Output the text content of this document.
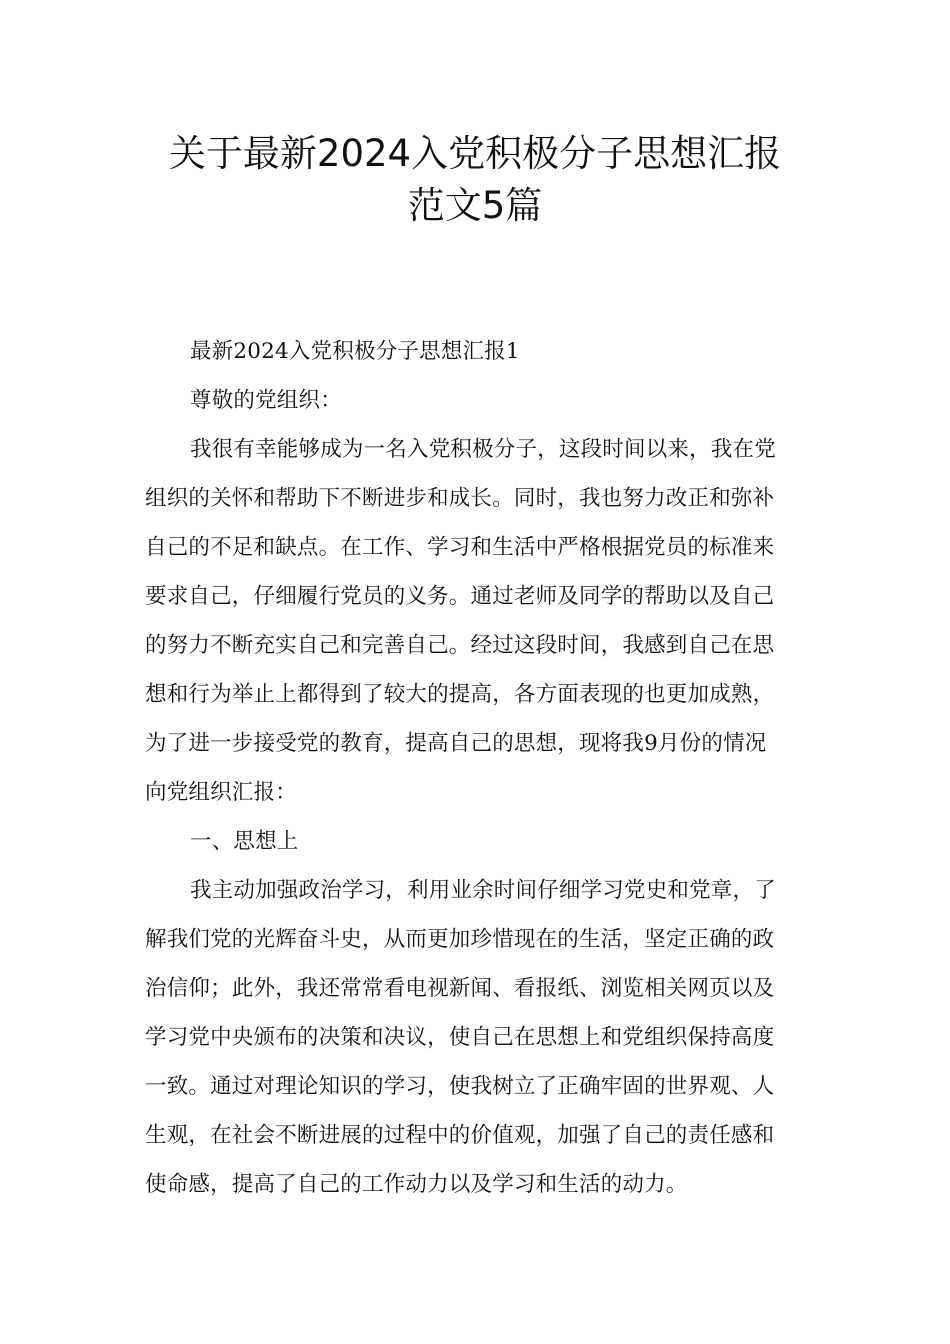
关于最新2024入党积极分子思想汇报
范文5篇
最新2024入党积极分子思想汇报1
尊敬的党组织：
我很有幸能够成为一名入党积极分子，这段时间以来，我在党
组织的关怀和帮助下不断进步和成长。同时，我也努力改正和弥补
自己的不足和缺点。在工作、学习和生活中严格根据党员的标准来
要求自己，仔细履行党员的义务。通过老师及同学的帮助以及自己
的努力不断充实自己和完善自己。经过这段时间，我感到自己在思
想和行为举止上都得到了较大的提高，各方面表现的也更加成熟，
为了进一步接受党的教育，提高自己的思想，现将我9月份的情况
向党组织汇报：
一、思想上
我主动加强政治学习，利用业余时间仔细学习党史和党章，了
解我们党的光辉奋斗史，从而更加珍惜现在的生活，坚定正确的政
治信仰；此外，我还常常看电视新闻、看报纸、浏览相关网页以及
学习党中央颁布的决策和决议，使自己在思想上和党组织保持高度
一致。通过对理论知识的学习，使我树立了正确牢固的世界观、人
生观，在社会不断进展的过程中的价值观，加强了自己的责任感和
使命感，提高了自己的工作动力以及学习和生活的动力。
